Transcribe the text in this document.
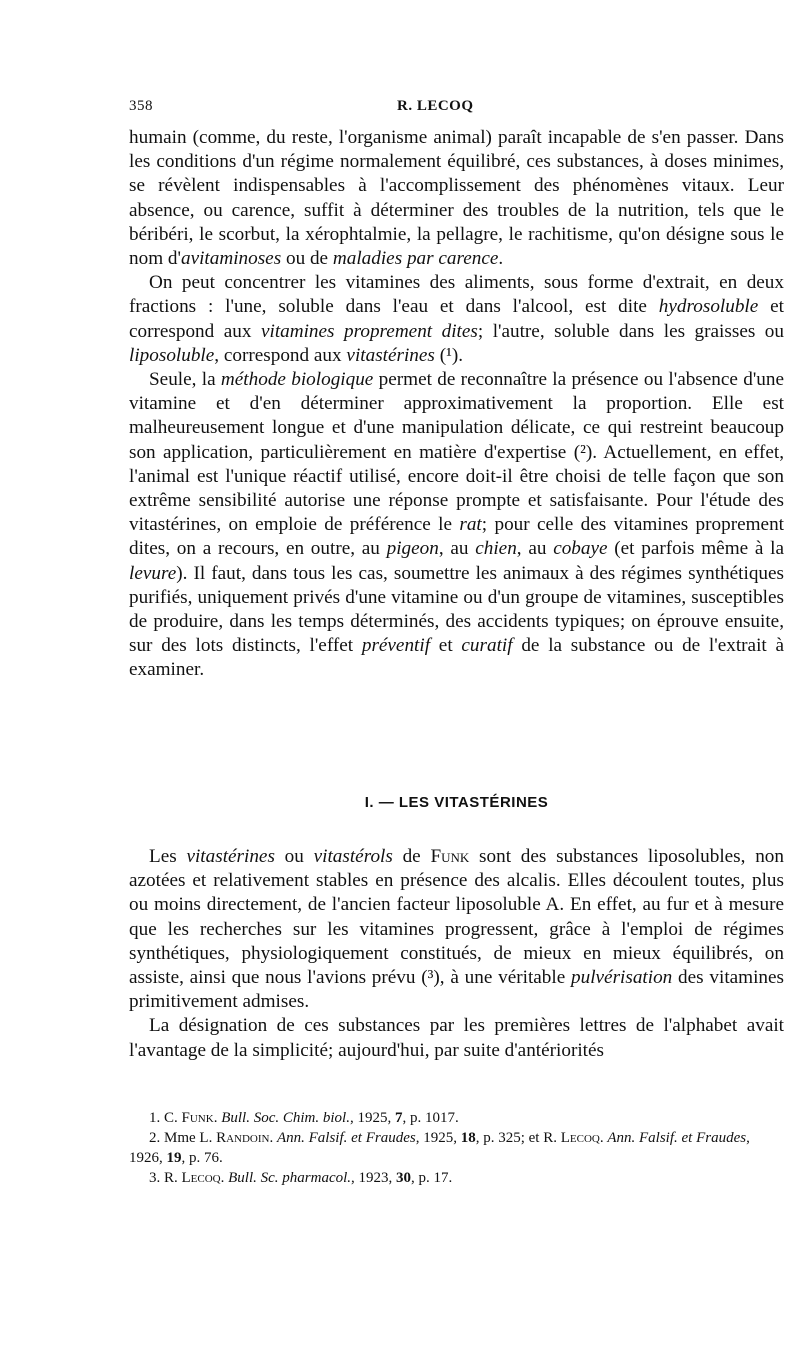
358	R. LECOQ

humain (comme, du reste, l'organisme animal) paraît incapable de s'en passer. Dans les conditions d'un régime normalement équilibré, ces substances, à doses minimes, se révèlent indispensables à l'accomplissement des phénomènes vitaux. Leur absence, ou carence, suffit à déterminer des troubles de la nutrition, tels que le béribéri, le scorbut, la xérophtalmie, la pellagre, le rachitisme, qu'on désigne sous le nom d'avitaminoses ou de maladies par carence.

On peut concentrer les vitamines des aliments, sous forme d'extrait, en deux fractions : l'une, soluble dans l'eau et dans l'alcool, est dite hydrosoluble et correspond aux vitamines proprement dites; l'autre, soluble dans les graisses ou liposoluble, correspond aux vitastérines (¹).

Seule, la méthode biologique permet de reconnaître la présence ou l'absence d'une vitamine et d'en déterminer approximativement la proportion. Elle est malheureusement longue et d'une manipulation délicate, ce qui restreint beaucoup son application, particulièrement en matière d'expertise (²). Actuellement, en effet, l'animal est l'unique réactif utilisé, encore doit-il être choisi de telle façon que son extrême sensibilité autorise une réponse prompte et satisfaisante. Pour l'étude des vitastérines, on emploie de préférence le rat; pour celle des vitamines proprement dites, on a recours, en outre, au pigeon, au chien, au cobaye (et parfois même à la levure). Il faut, dans tous les cas, soumettre les animaux à des régimes synthétiques purifiés, uniquement privés d'une vitamine ou d'un groupe de vitamines, susceptibles de produire, dans les temps déterminés, des accidents typiques; on éprouve ensuite, sur des lots distincts, l'effet préventif et curatif de la substance ou de l'extrait à examiner.

I. — LES VITASTÉRINES

Les vitastérines ou vitastérols de Funk sont des substances liposolubles, non azotées et relativement stables en présence des alcalis. Elles découlent toutes, plus ou moins directement, de l'ancien facteur liposoluble A. En effet, au fur et à mesure que les recherches sur les vitamines progressent, grâce à l'emploi de régimes synthétiques, physiologiquement constitués, de mieux en mieux équilibrés, on assiste, ainsi que nous l'avions prévu (³), à une véritable pulvérisation des vitamines primitivement admises.

La désignation de ces substances par les premières lettres de l'alphabet avait l'avantage de la simplicité; aujourd'hui, par suite d'antériorités

1. C. Funk. Bull. Soc. Chim. biol., 1925, 7, p. 1017.

2. Mme L. Randoin. Ann. Falsif. et Fraudes, 1925, 18, p. 325; et R. Lecoq. Ann. Falsif. et Fraudes, 1926, 19, p. 76.

3. R. Lecoq. Bull. Sc. pharmacol., 1923, 30, p. 17.
